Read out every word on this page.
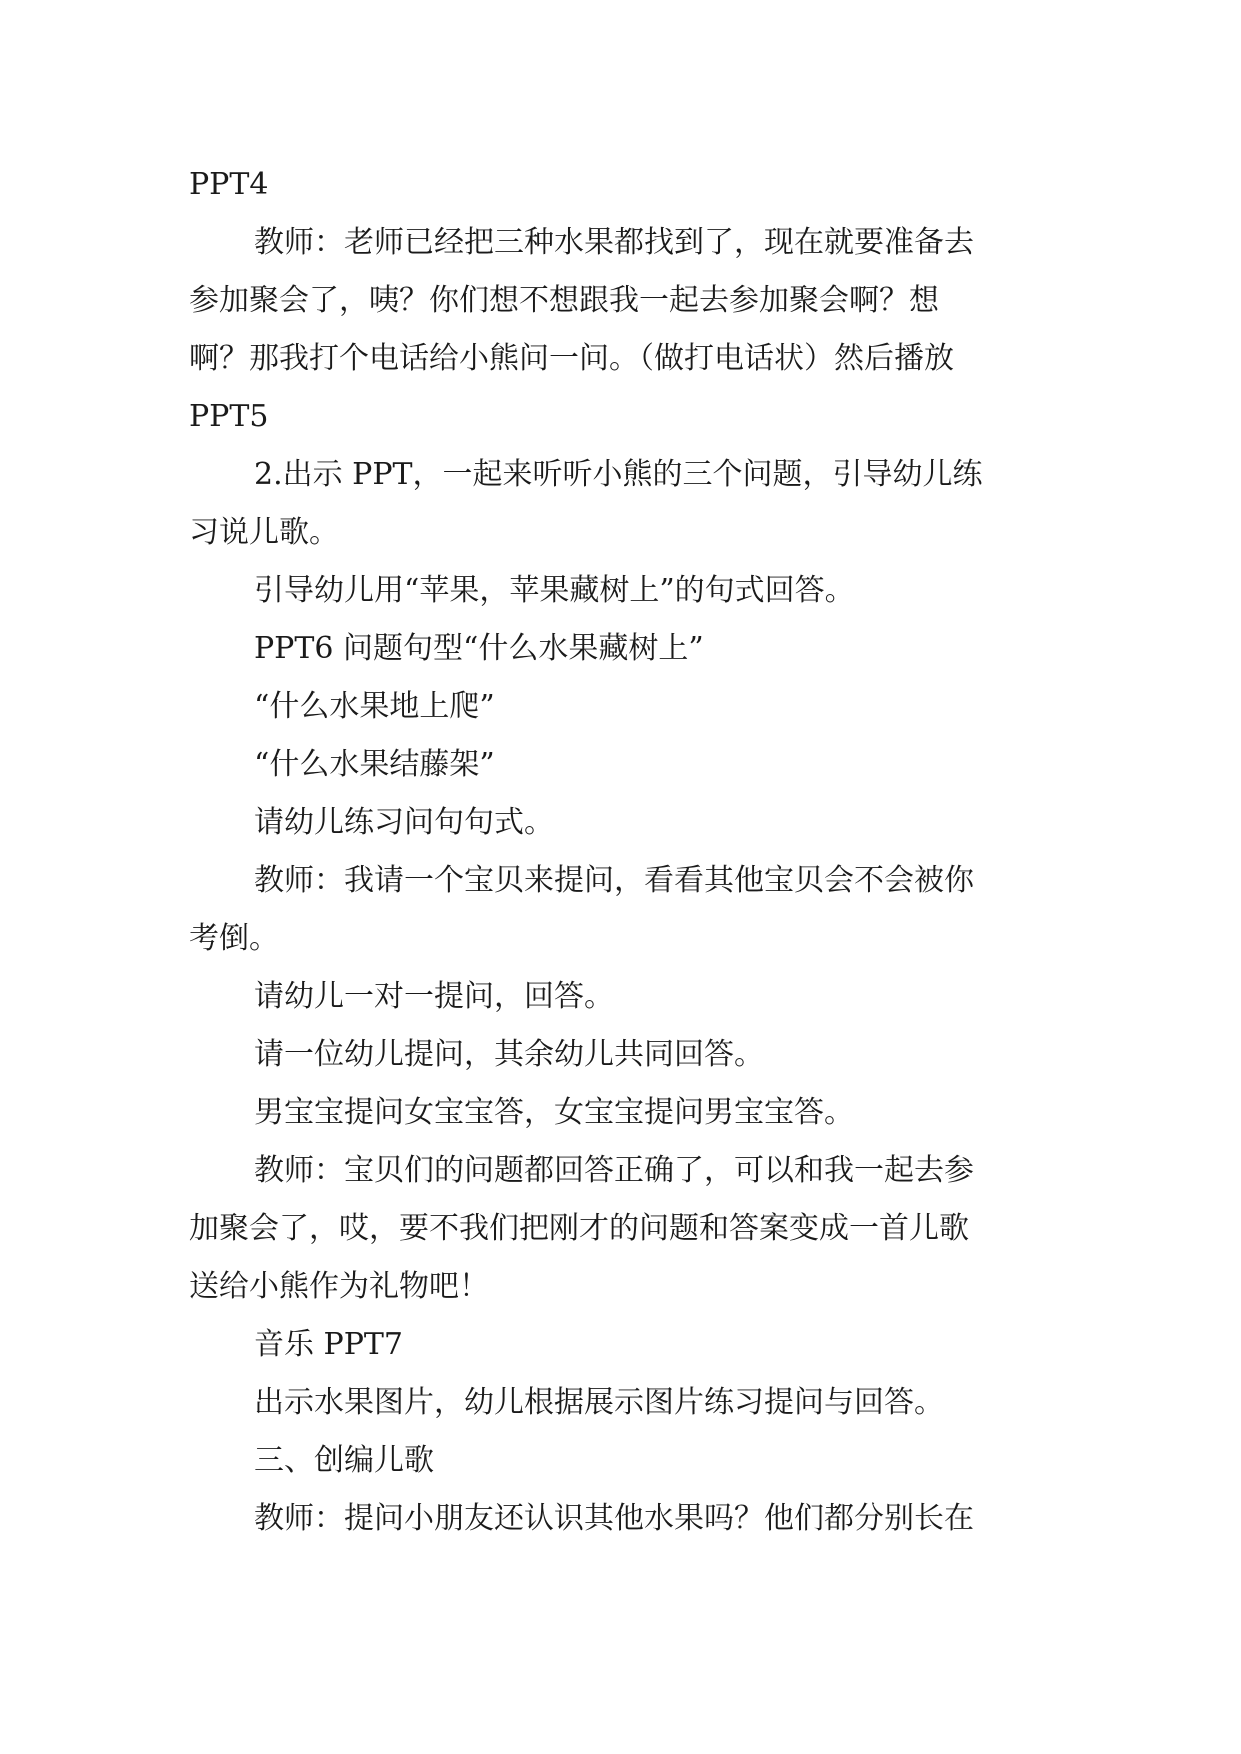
PPT4
教师：老师已经把三种水果都找到了，现在就要准备去
参加聚会了，咦？你们想不想跟我一起去参加聚会啊？想
啊？那我打个电话给小熊问一问。（做打电话状）然后播放
PPT5
2.出示 PPT，一起来听听小熊的三个问题，引导幼儿练
习说儿歌。
引导幼儿用“苹果，苹果藏树上”的句式回答。
PPT6 问题句型“什么水果藏树上”
“什么水果地上爬”
“什么水果结藤架”
请幼儿练习问句句式。
教师：我请一个宝贝来提问，看看其他宝贝会不会被你
考倒。
请幼儿一对一提问，回答。
请一位幼儿提问，其余幼儿共同回答。
男宝宝提问女宝宝答，女宝宝提问男宝宝答。
教师：宝贝们的问题都回答正确了，可以和我一起去参
加聚会了，哎，要不我们把刚才的问题和答案变成一首儿歌
送给小熊作为礼物吧！
音乐 PPT7
出示水果图片，幼儿根据展示图片练习提问与回答。
三、创编儿歌
教师：提问小朋友还认识其他水果吗？他们都分别长在
